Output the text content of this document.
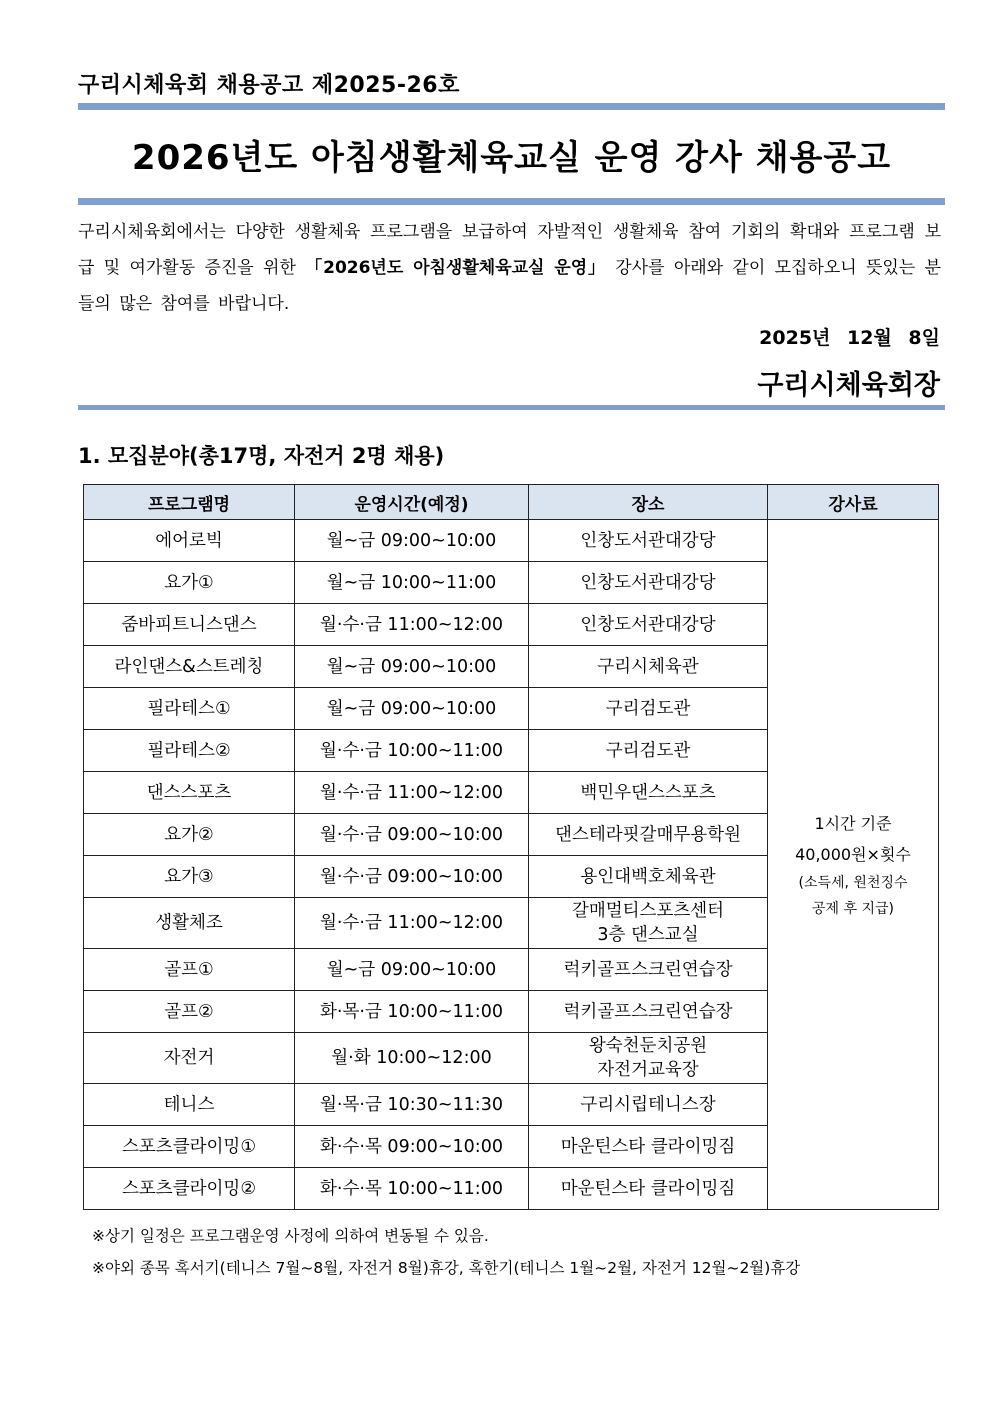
구리시체육회 채용공고 제2025-26호
2026년도 아침생활체육교실 운영 강사 채용공고
구리시체육회에서는 다양한 생활체육 프로그램을 보급하여 자발적인 생활체육 참여 기회의 확대와 프로그램 보급 및 여가활동 증진을 위한 「2026년도 아침생활체육교실 운영」 강사를 아래와 같이 모집하오니 뜻있는 분들의 많은 참여를 바랍니다.
2025년 12월 8일
구리시체육회장
1. 모집분야(총17명, 자전거 2명 채용)
프로그램명	운영시간(예정)	장소	강사료
에어로빅	월~금 09:00~10:00	인창도서관대강당	1시간 기준
40,000원×횟수
(소득세, 원천징수
공제 후 지급)

요가①	월~금 10:00~11:00	인창도서관대강당	

줌바피트니스댄스	월·수·금 11:00~12:00	인창도서관대강당	

라인댄스&스트레칭	월~금 09:00~10:00	구리시체육관	

필라테스①	월~금 09:00~10:00	구리검도관	

필라테스②	월·수·금 10:00~11:00	구리검도관	

댄스스포츠	월·수·금 11:00~12:00	백민우댄스스포츠	

요가②	월·수·금 09:00~10:00	댄스테라핏갈매무용학원	

요가③	월·수·금 09:00~10:00	용인대백호체육관	

생활체조	월·수·금 11:00~12:00	갈매멀티스포츠센터
3층 댄스교실	

골프①	월~금 09:00~10:00	럭키골프스크린연습장	

골프②	화·목·금 10:00~11:00	럭키골프스크린연습장	

자전거	월·화 10:00~12:00	왕숙천둔치공원
자전거교육장	

테니스	월·목·금 10:30~11:30	구리시립테니스장	

스포츠클라이밍①	화·수·목 09:00~10:00	마운틴스타 클라이밍짐	

스포츠클라이밍②	화·수·목 10:00~11:00	마운틴스타 클라이밍짐	
※상기 일정은 프로그램운영 사정에 의하여 변동될 수 있음.
※야외 종목 혹서기(테니스 7월~8월, 자전거 8월)휴강, 혹한기(테니스 1월~2월, 자전거 12월~2월)휴강
